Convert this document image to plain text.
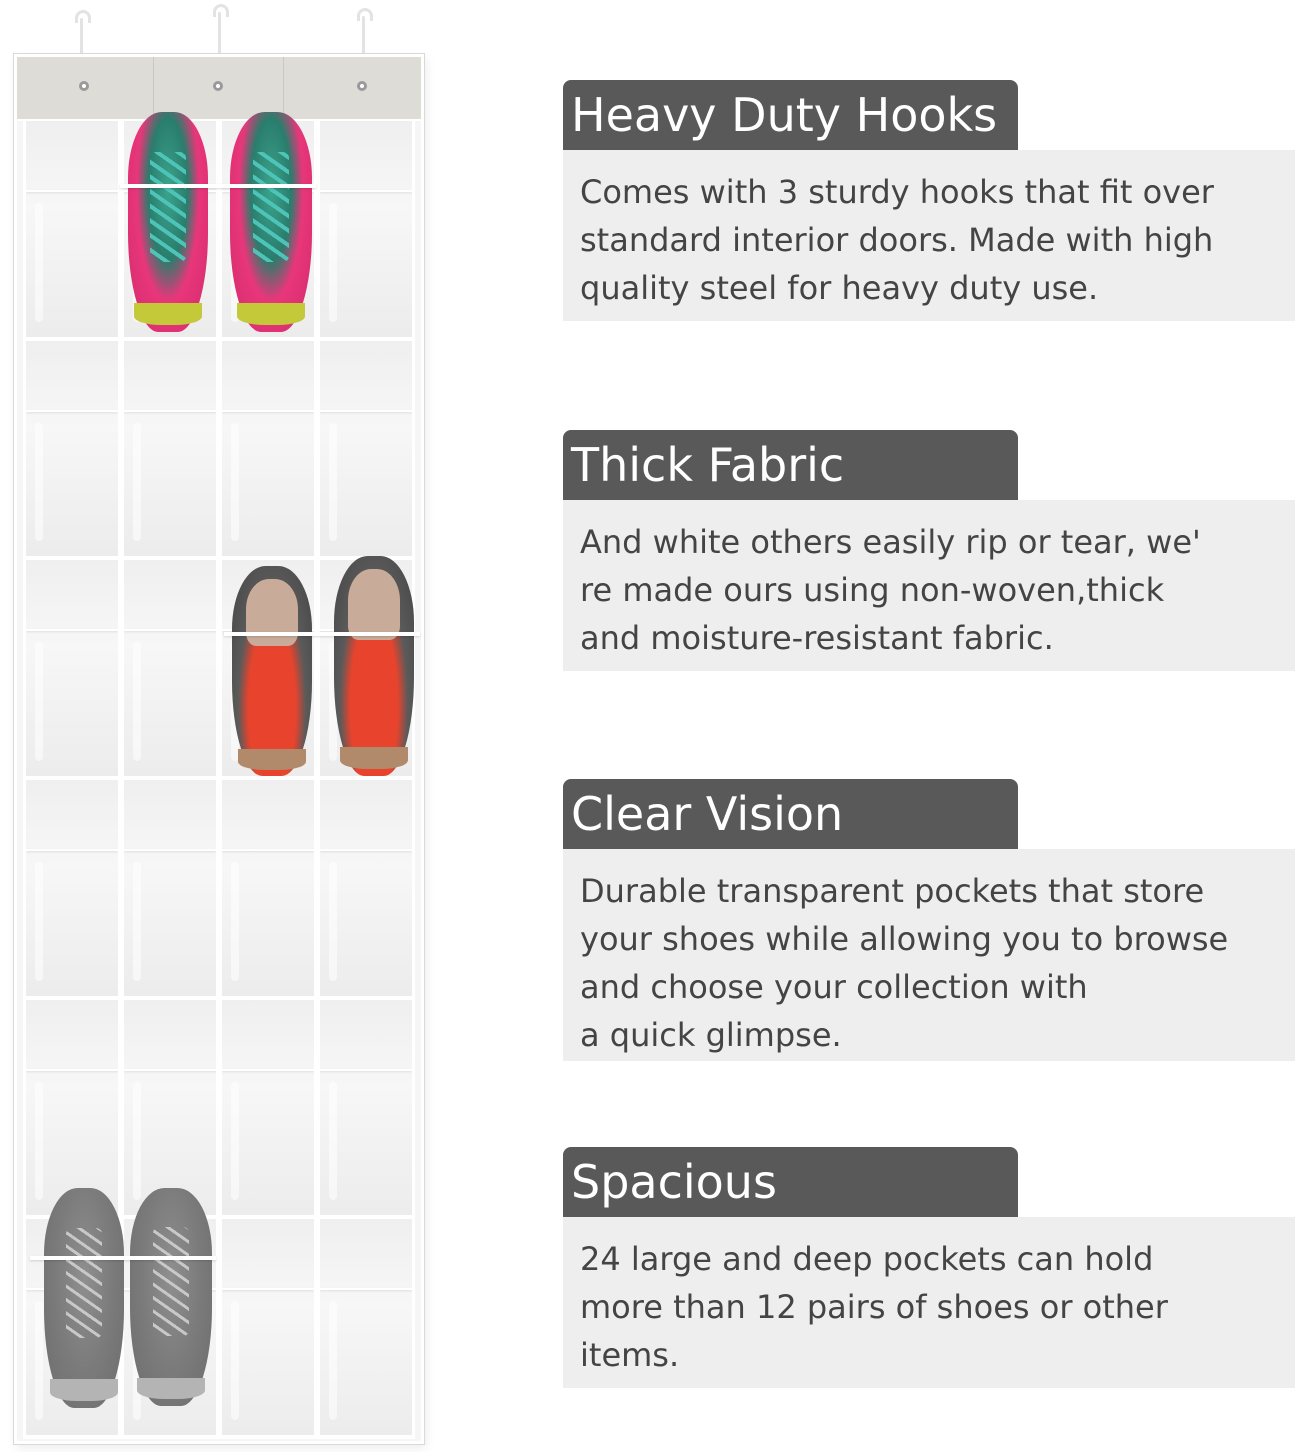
Heavy Duty Hooks
Comes with 3 sturdy hooks that fit over
standard interior doors. Made with high
quality steel for heavy duty use.
Thick Fabric
And white others easily rip or tear, we'
re made ours using non-woven,thick
and moisture-resistant fabric.
Clear Vision
Durable transparent pockets that store
your shoes while allowing you to browse
and choose your collection with
a quick glimpse.
Spacious
24 large and deep pockets can hold
more than 12 pairs of shoes or other
items.
